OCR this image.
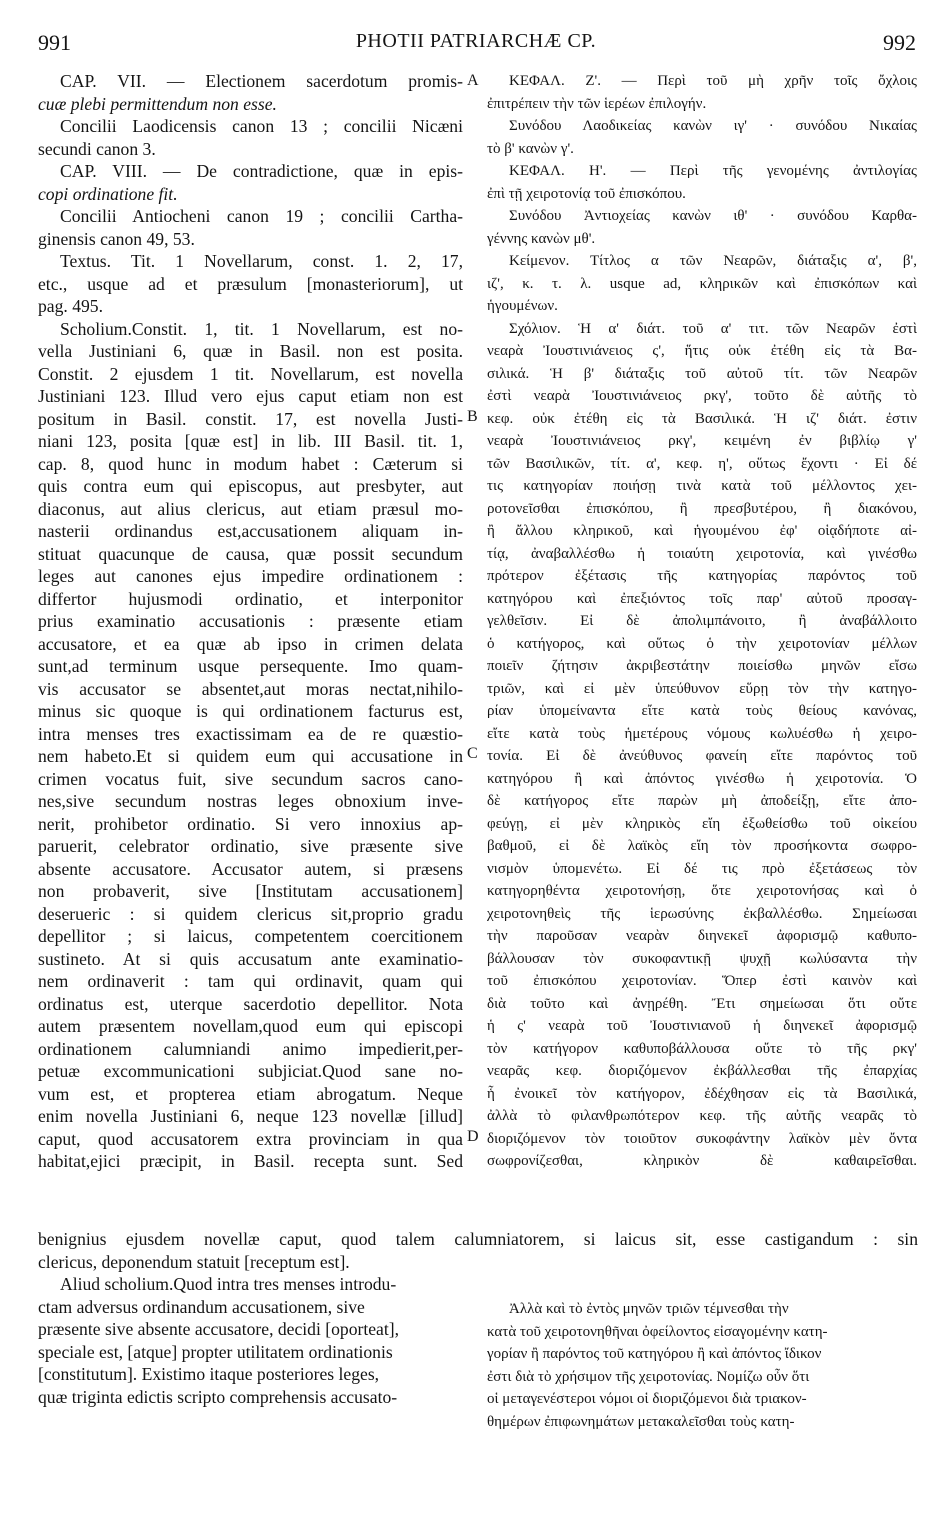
991	PHOTII PATRIARCHÆ CP.	992
A
B
C
D
CAP. VII. — Electionem sacerdotum promis-
cuæ plebi permittendum non esse.
Concilii Laodicensis canon 13 ; concilii Nicæni
secundi canon 3.
CAP. VIII. — De contradictione, quæ in epis-
copi ordinatione fit.
Concilii Antiocheni canon 19 ; concilii Cartha-
ginensis canon 49, 53.
Textus. Tit. 1 Novellarum, const. 1. 2, 17,
etc., usque ad et præsulum [monasteriorum], ut
pag. 495.
Scholium.Constit. 1, tit. 1 Novellarum, est no-
vella Justiniani 6, quæ in Basil. non est posita.
Constit. 2 ejusdem 1 tit. Novellarum, est novella
Justiniani 123. Illud vero ejus caput etiam non est
positum in Basil. constit. 17, est novella Justi-
niani 123, posita [quæ est] in lib. III Basil. tit. 1,
cap. 8, quod hunc in modum habet : Cæterum si
quis contra eum qui episcopus, aut presbyter, aut
diaconus, aut alius clericus, aut etiam præsul mo-
nasterii ordinandus est,accusationem aliquam in-
stituat quacunque de causa, quæ possit secundum
leges aut canones ejus impedire ordinationem :
differtor hujusmodi ordinatio, et interponitor
prius examinatio accusationis : præsente etiam
accusatore, et ea quæ ab ipso in crimen delata
sunt,ad terminum usque persequente. Imo quam-
vis accusator se absentet,aut moras nectat,nihilo-
minus sic quoque is qui ordinationem facturus est,
intra menses tres exactissimam ea de re quæstio-
nem habeto.Et si quidem eum qui accusatione in
crimen vocatus fuit, sive secundum sacros cano-
nes,sive secundum nostras leges obnoxium inve-
nerit, prohibetor ordinatio. Si vero innoxius ap-
paruerit, celebrator ordinatio, sive præsente sive
absente accusatore. Accusator autem, si præsens
non probaverit, sive [Institutam accusationem]
deserueric : si quidem clericus sit,proprio gradu
depellitor ; si laicus, competentem coercitionem
sustineto. At si quis accusatum ante examinatio-
nem ordinaverit : tam qui ordinavit, quam qui
ordinatus est, uterque sacerdotio depellitor. Nota
autem præsentem novellam,quod eum qui episcopi
ordinationem calumniandi animo impedierit,per-
petuæ excommunicationi subjiciat.Quod sane no-
vum est, et propterea etiam abrogatum. Neque
enim novella Justiniani 6, neque 123 novellæ [illud]
caput, quod accusatorem extra provinciam in qua
habitat,ejici præcipit, in Basil. recepta sunt. Sed
ΚΕΦΑΛ. Ζ'. — Περὶ τοῦ μὴ χρῆν τοῖς ὄχλοις
ἐπιτρέπειν τὴν τῶν ἱερέων ἐπιλογήν.
Συνόδου Λαοδικείας κανὼν ιγ' · συνόδου Νικαίας
τὸ β' κανὼν γ'.
ΚΕΦΑΛ. Η'. — Περὶ τῆς γενομένης ἀντιλογίας
ἐπὶ τῇ χειροτονίᾳ τοῦ ἐπισκόπου.
Συνόδου Ἀντιοχείας κανὼν ιθ' · συνόδου Καρθα-
γέννης κανὼν μθ'.
Κείμενον. Τίτλος α τῶν Νεαρῶν, διάταξις α', β',
ιζ', κ. τ. λ. usque ad, κληρικῶν καὶ ἐπισκόπων καὶ
ἡγουμένων.
Σχόλιον. Ἡ α' διάτ. τοῦ α' τιτ. τῶν Νεαρῶν ἐστὶ
νεαρὰ Ἰουστινιάνειος ς', ἥτις οὐκ ἐτέθη εἰς τὰ Βα-
σιλικά. Ἡ β' διάταξις τοῦ αὐτοῦ τίτ. τῶν Νεαρῶν
ἐστὶ νεαρὰ Ἰουστινιάνειος ρκγ', τοῦτο δὲ αὐτῆς τὸ
κεφ. οὐκ ἐτέθη εἰς τὰ Βασιλικά. Ἡ ιζ' διάτ. ἐστιν
νεαρὰ Ἰουστινιάνειος ρκγ', κειμένη ἐν βιβλίῳ γ'
τῶν Βασιλικῶν, τίτ. α', κεφ. η', οὕτως ἔχοντι · Εἰ δέ
τις κατηγορίαν ποιήσῃ τινὰ κατὰ τοῦ μέλλοντος χει-
ροτονεῖσθαι ἐπισκόπου, ἢ πρεσβυτέρου, ἢ διακόνου,
ἢ ἄλλου κληρικοῦ, καὶ ἡγουμένου ἐφ' οἱᾳδήποτε αἰ-
τίᾳ, ἀναβαλλέσθω ἡ τοιαύτη χειροτονία, καὶ γινέσθω
πρότερον ἐξέτασις τῆς κατηγορίας παρόντος τοῦ
κατηγόρου καὶ ἐπεξιόντος τοῖς παρ' αὐτοῦ προσαγ-
γελθεῖσιν. Εἰ δὲ ἀπολιμπάνοιτο, ἢ ἀναβάλλοιτο
ὁ κατήγορος, καὶ οὕτως ὁ τὴν χειροτονίαν μέλλων
ποιεῖν ζήτησιν ἀκριβεστάτην ποιείσθω μηνῶν εἴσω
τριῶν, καὶ εἰ μὲν ὑπεύθυνον εὕρῃ τὸν τὴν κατηγο-
ρίαν ὑπομείναντα εἴτε κατὰ τοὺς θείους κανόνας,
εἴτε κατὰ τοὺς ἡμετέρους νόμους κωλυέσθω ἡ χειρο-
τονία. Εἰ δὲ ἀνεύθυνος φανείη εἴτε παρόντος τοῦ
κατηγόρου ἢ καὶ ἀπόντος γινέσθω ἡ χειροτονία. Ὁ
δὲ κατήγορος εἴτε παρὼν μὴ ἀποδείξῃ, εἴτε ἀπο-
φεύγῃ, εἰ μὲν κληρικὸς εἴη ἐξωθείσθω τοῦ οἰκείου
βαθμοῦ, εἰ δὲ λαϊκὸς εἴη τὸν προσήκοντα σωφρο-
νισμὸν ὑπομενέτω. Εἰ δέ τις πρὸ ἐξετάσεως τὸν
κατηγορηθέντα χειροτονήσῃ, ὅτε χειροτονήσας καὶ ὁ
χειροτονηθεὶς τῆς ἱερωσύνης ἐκβαλλέσθω. Σημείωσαι
τὴν παροῦσαν νεαρὰν διηνεκεῖ ἀφορισμῷ καθυπο-
βάλλουσαν τὸν συκοφαντικῇ ψυχῇ κωλύσαντα τὴν
τοῦ ἐπισκόπου χειροτονίαν. Ὅπερ ἐστὶ καινὸν καὶ
διὰ τοῦτο καὶ ἀνῃρέθη. Ἔτι σημείωσαι ὅτι οὔτε
ἡ ς' νεαρὰ τοῦ Ἰουστινιανοῦ ἡ διηνεκεῖ ἀφορισμῷ
τὸν κατήγορον καθυποβάλλουσα οὔτε τὸ τῆς ρκγ'
νεαρᾶς κεφ. διοριζόμενον ἐκβάλλεσθαι τῆς ἐπαρχίας
ἧ ἐνοικεῖ τὸν κατήγορον, ἐδέχθησαν εἰς τὰ Βασιλικά,
ἀλλὰ τὸ φιλανθρωπότερον κεφ. τῆς αὐτῆς νεαρᾶς τὸ
διοριζόμενον τὸν τοιοῦτον συκοφάντην λαϊκὸν μὲν ὄντα
σωφρονίζεσθαι, κληρικὸν δὲ καθαιρεῖσθαι.
benignius ejusdem novellæ caput, quod talem calumniatorem, si laicus sit, esse castigandum : sin
clericus, deponendum statuit [receptum est].
Aliud scholium.Quod intra tres menses introdu-
ctam adversus ordinandum accusationem, sive
præsente sive absente accusatore, decidi [oporteat],
speciale est, [atque] propter utilitatem ordinationis
[constitutum]. Existimo itaque posteriores leges,
quæ triginta edictis scripto comprehensis accusato-
Ἀλλὰ καὶ τὸ ἐντὸς μηνῶν τριῶν τέμνεσθαι τὴν
κατὰ τοῦ χειροτονηθῆναι ὀφείλοντος εἰσαγομένην κατη-
γορίαν ἢ παρόντος τοῦ κατηγόρου ἢ καὶ ἀπόντος ἴδικον
ἐστι διὰ τὸ χρήσιμον τῆς χειροτονίας. Νομίζω οὖν ὅτι
οἱ μεταγενέστεροι νόμοι οἱ διοριζόμενοι διὰ τριακον-
θημέρων ἐπιφωνημάτων μετακαλεῖσθαι τοὺς κατη-
